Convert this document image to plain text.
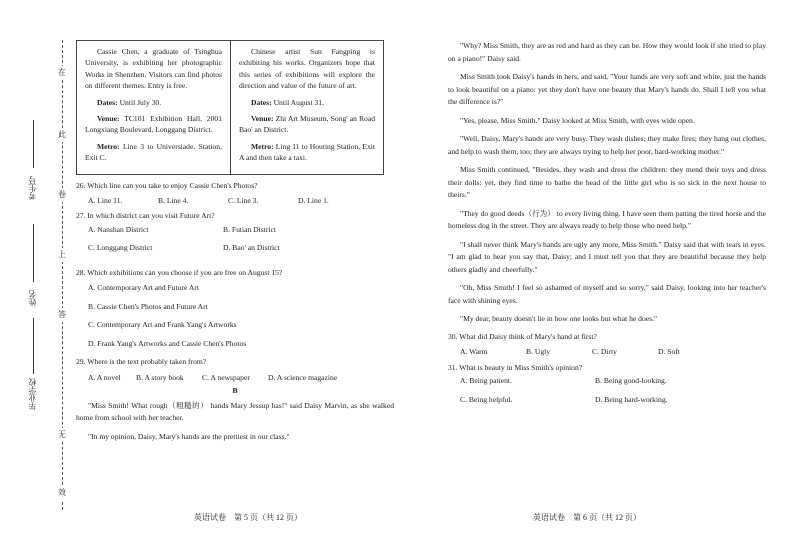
在
此
卷
上
答
无
效
考生号
姓名
毕业学校

Cassie Chen, a graduate of Tsinghua University, is exhibiting her photographic Works in Shenzhen. Visitors can find photos on different themes. Entry is free.

Dates: Until July 30.

Venue: TC101 Exhibition Hall, 2001 Longxiang Boulevard, Longgang District.

Metro: Line 3 to Universiade. Station, Exit C.

Chinese artist Sun Fangping is exhibiting his works. Organizers hope that this series of exhibitions will explore the direction and value of the future of art.

Dates: Until August 31.

Venue: Zhi Art Museum, Song' an Road Bao' an District.

Metro: Ling 11 to Houting Station, Exit A and then take a taxi.

26. Which line can you take to enjoy Cassie Chen's Photos?
A. Line 11.	B. Line 4.	C. Line 3.	D. Line 1.
27. In which district can you visit Future Art?
A. Nanshan District	B. Futian District
C. Longgang District	D. Bao' an District
28. Which exhibitions can you choose if you are free on August 15?
A. Contemporary Art and Future Art
B. Cassie Chen's Photos and Future Art
C. Contemporary Art and Frank Yang's Artworks
D. Frank Yang's Artworks and Cassie Chen's Photos
29. Where is the text probably taken from?
A. A novel	B. A story book	C. A newspaper	D. A science magazine
B

"Miss Smith! What rough（粗糙的） hands Mary Jessup has!" said Daisy Marvin, as she walked home from school with her teacher.

"In my opinion, Daisy, Mary's hands are the prettiest in our class."

"Why? Miss Smith, they are as red and hard as they can be. How they would look if she tried to play on a piano!" Daisy said.

Miss Smith took Daisy's hands in hers, and said, "Your hands are very soft and white, just the hands to look beautiful on a piano: yet they don't have one beauty that Mary's hands do. Shall I tell you what the difference is?"

"Yes, please, Miss Smith." Daisy looked at Miss Smith, with eyes wide open.

"Well, Daisy, Mary's hands are very busy. They wash dishes; they make fires; they hang out clothes, and help to wash them, too; they are always trying to help her poor, hard-working mother."

Miss Smith continued, "Besides, they wash and dress the children: they mend their toys and dress their dolls: yet, they find time to bathe the head of the little girl who is so sick in the next house to theirs."

"They do good deeds（行为） to every living thing. I have seen them patting the tired horse and the homeless dog in the street. They are always ready to help those who need help."

"I shall never think Mary's hands are ugly any more, Miss Smith." Daisy said that with tears in eyes. "I am glad to hear you say that, Daisy; and I must tell you that they are beautiful because they help others gladly and cheerfully."

"Oh, Miss Smith! I feel so ashamed of myself and so sorry," said Daisy, looking into her teacher's face with shining eyes.

"My dear, beauty doesn't lie in how one looks but what he does."

30. What did Daisy think of Mary's hand at first?
A. Warm	B. Ugly	C. Dirty	D. Soft
31. What is beauty in Miss Smith's opinion?
A. Being patient.	B. Being good-looking.
C. Being helpful.	D. Being hard-working.
英语试卷　第 5 页（共 12 页）	英语试卷　第 6 页（共 12 页）
